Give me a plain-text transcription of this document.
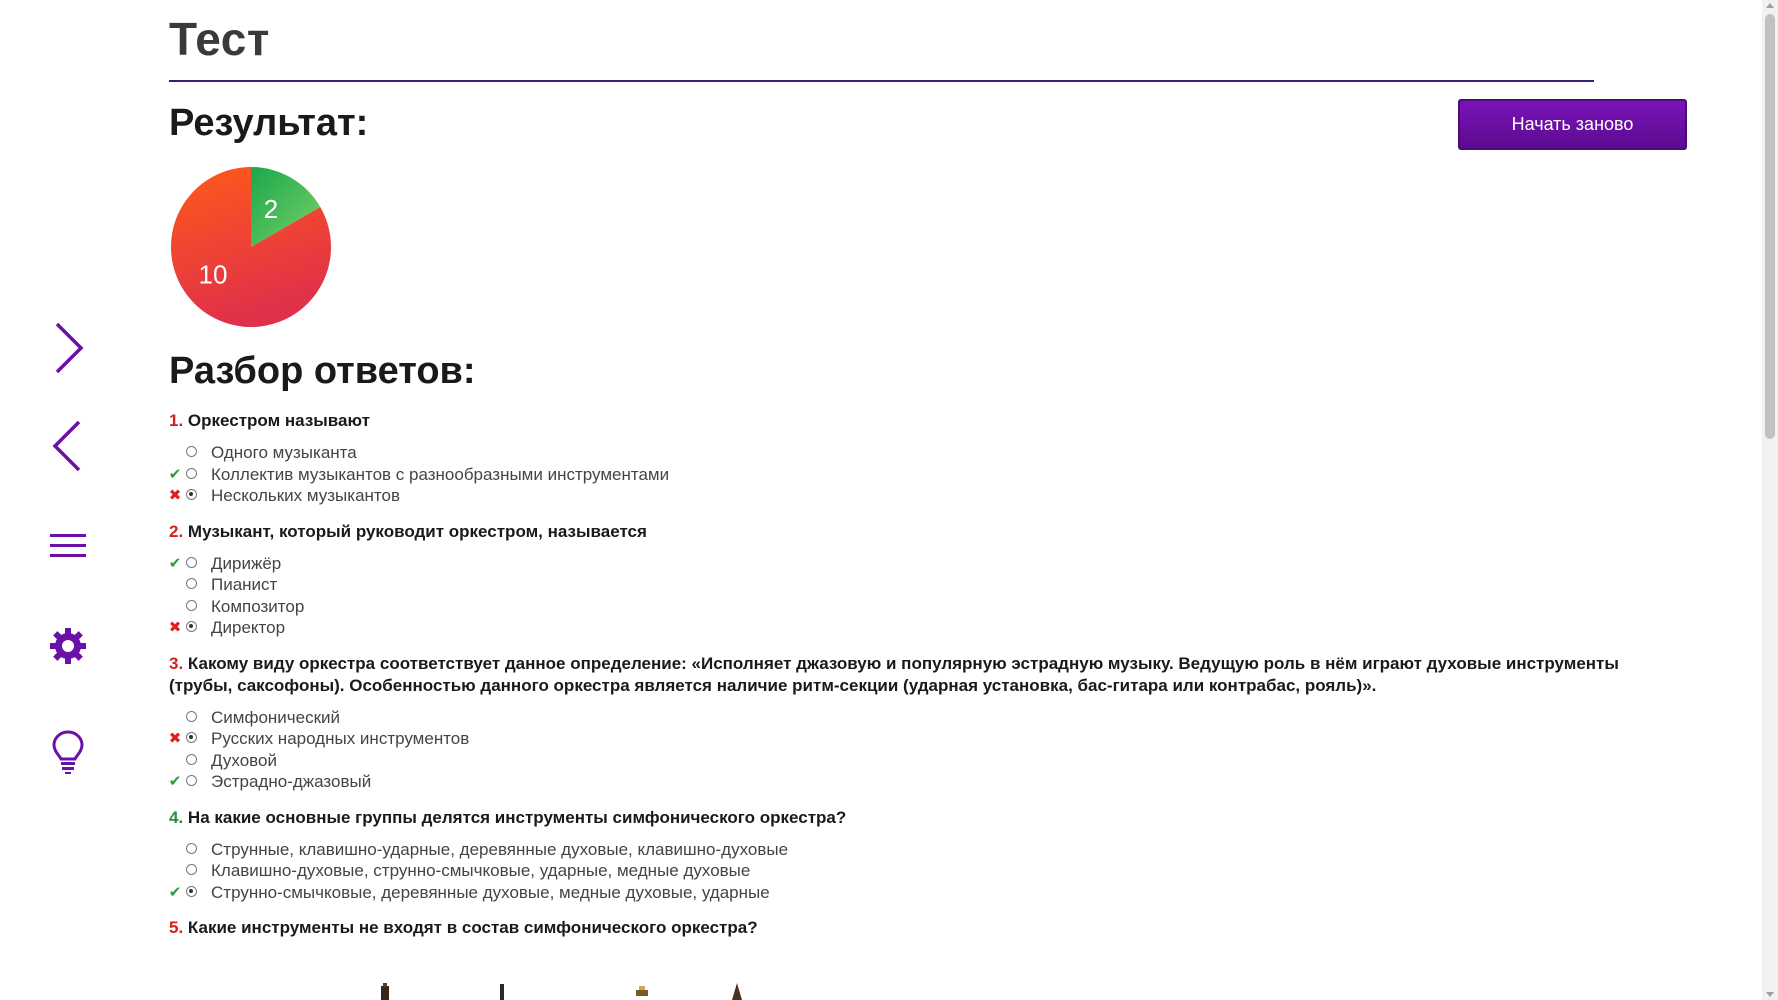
Тест
Результат:	Начать заново
2
10
Разбор ответов:
1. Оркестром называют
Одного музыканта
✔ Коллектив музыкантов с разнообразными инструментами
✖ Нескольких музыкантов
2. Музыкант, который руководит оркестром, называется
✔ Дирижёр
Пианист
Композитор
✖ Директор
3. Какому виду оркестра соответствует данное определение: «Исполняет джазовую и популярную эстрадную музыку. Ведущую роль в нём играют духовые инструменты (трубы, саксофоны). Особенностью данного оркестра является наличие ритм-секции (ударная установка, бас-гитара или контрабас, рояль)».
Симфонический
✖ Русских народных инструментов
Духовой
✔ Эстрадно-джазовый
4. На какие основные группы делятся инструменты симфонического оркестра?
Струнные, клавишно-ударные, деревянные духовые, клавишно-духовые
Клавишно-духовые, струнно-смычковые, ударные, медные духовые
✔ Струнно-смычковые, деревянные духовые, медные духовые, ударные
5. Какие инструменты не входят в состав симфонического оркестра?
